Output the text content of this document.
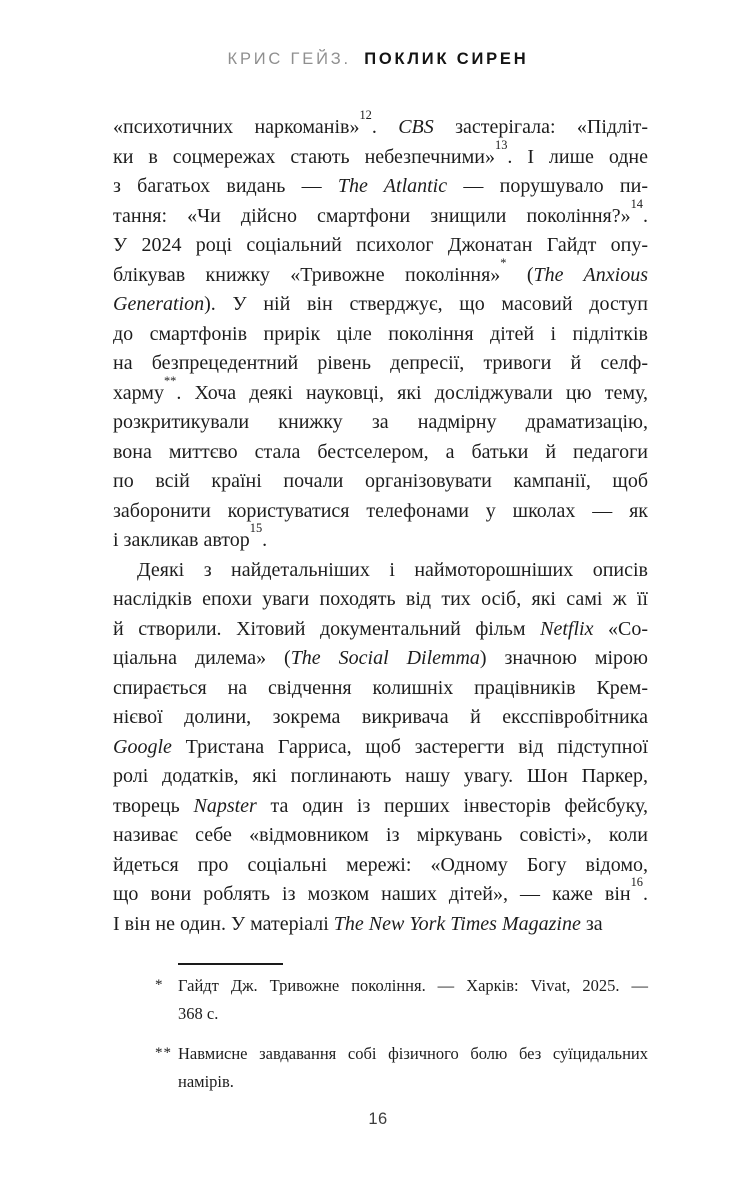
КРИС ГЕЙЗ. ПОКЛИК СИРЕН
«психотичних наркоманів»$^{12}$. CBS застерігала: «Підліт-
ки в соцмережах стають небезпечними»$^{13}$. І лише одне
з багатьох видань — The Atlantic — порушувало пи-
тання: «Чи дійсно смартфони знищили покоління?»$^{14}$.
У 2024 році соціальний психолог Джонатан Гайдт опу-
блікував книжку «Тривожне покоління»* (The Anxious
Generation). У ній він стверджує, що масовий доступ
до смартфонів прирік ціле покоління дітей і підлітків
на безпрецедентний рівень депресії, тривоги й селф-
харму**. Хоча деякі науковці, які досліджували цю тему,
розкритикували книжку за надмірну драматизацію,
вона миттєво стала бестселером, а батьки й педагоги
по всій країні почали організовувати кампанії, щоб
заборонити користуватися телефонами у школах — як
і закликав автор$^{15}$.
Деякі з найдетальніших і наймоторошніших описів
наслідків епохи уваги походять від тих осіб, які самі ж її
й створили. Хітовий документальний фільм Netflix «Со-
ціальна дилема» (The Social Dilemma) значною мірою
спирається на свідчення колишніх працівників Крем-
нієвої долини, зокрема викривача й ексспівробітника
Google Тристана Гарриса, щоб застерегти від підступної
ролі додатків, які поглинають нашу увагу. Шон Паркер,
творець Napster та один із перших інвесторів фейсбуку,
називає себе «відмовником із міркувань совісті», коли
йдеться про соціальні мережі: «Одному Богу відомо,
що вони роблять із мозком наших дітей», — каже він$^{16}$.
І він не один. У матеріалі The New York Times Magazine за
* Гайдт Дж. Тривожне покоління. — Харків: Vivat, 2025. —
368 с.
** Навмисне завдавання собі фізичного болю без суїцидальних
намірів.
16
